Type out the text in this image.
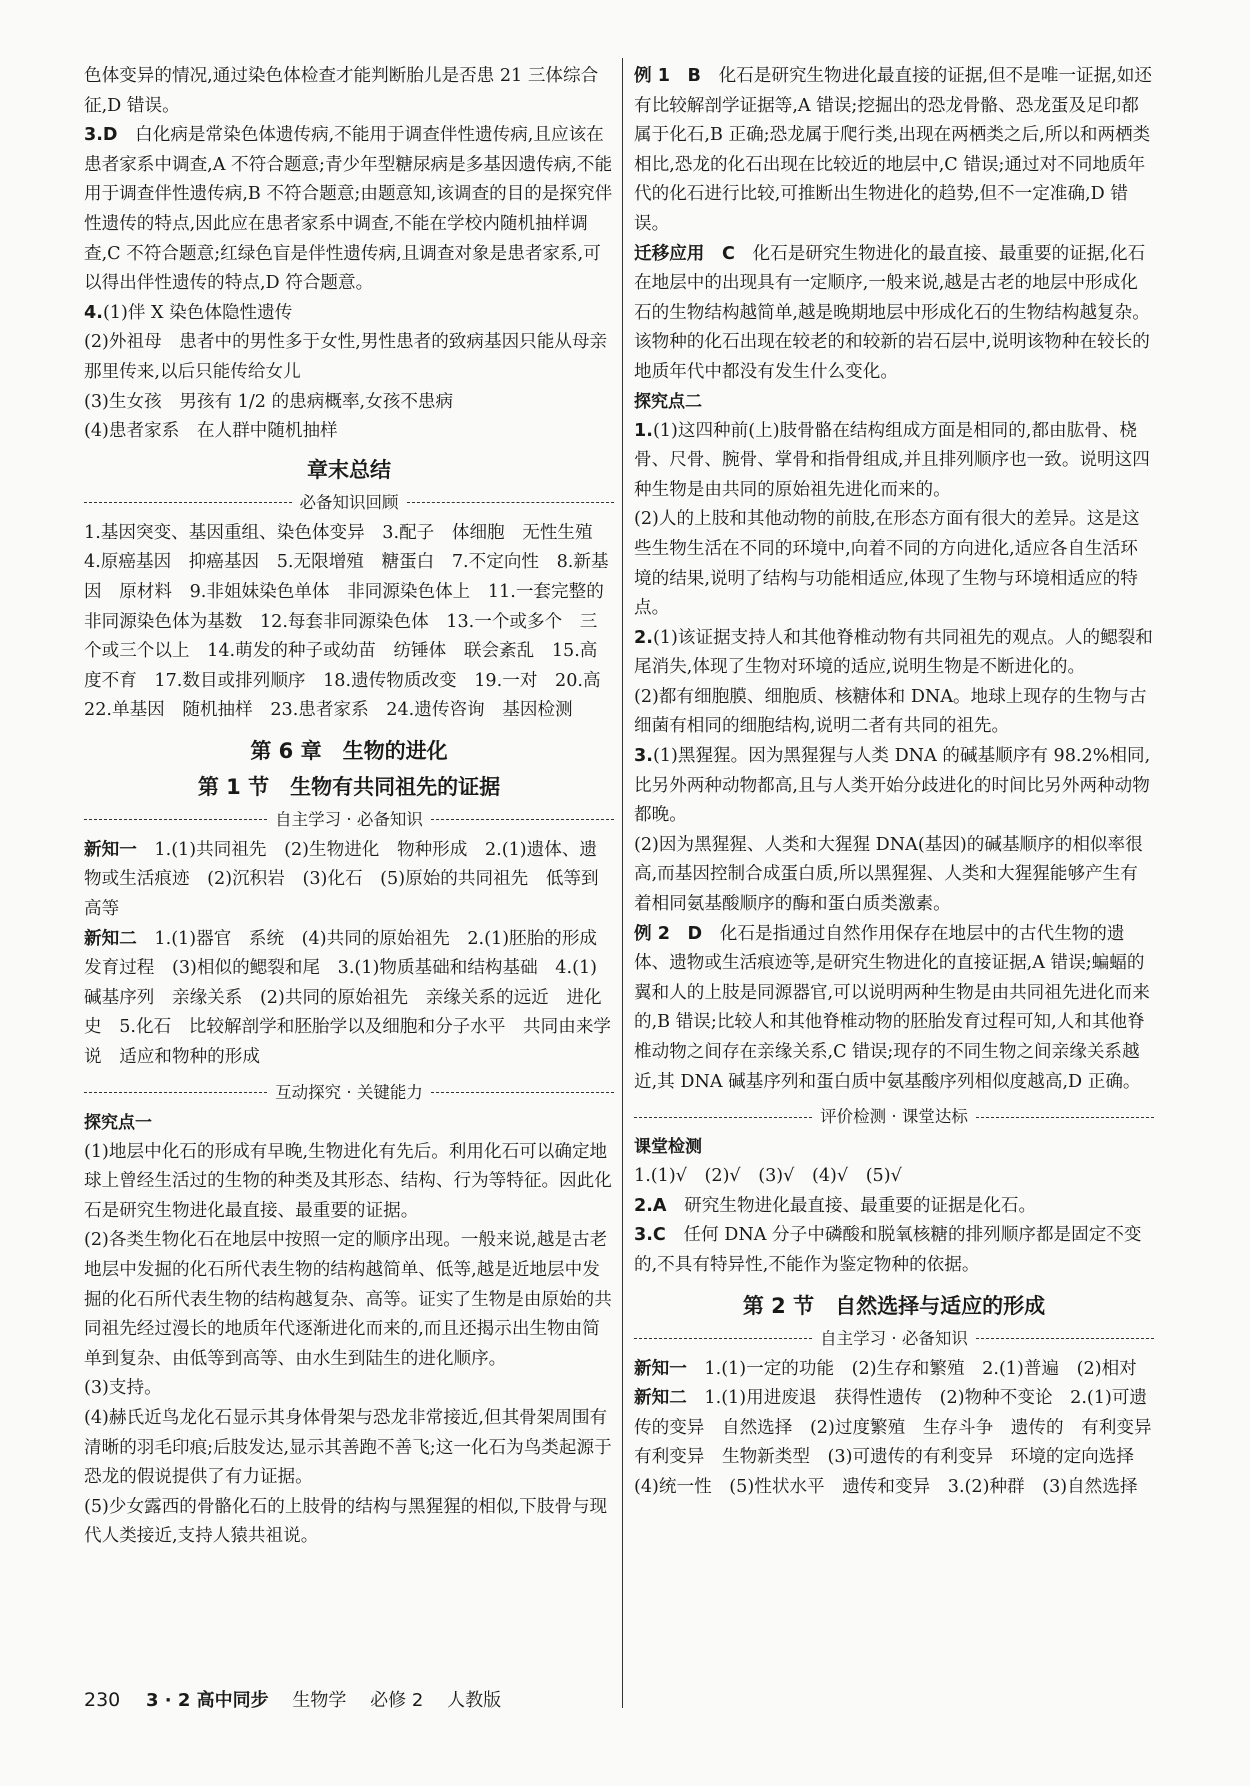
色体变异的情况,通过染色体检查才能判断胎儿是否患 21 三体综合征,D 错误。

3.D　 白化病是常染色体遗传病,不能用于调查伴性遗传病,且应该在患者家系中调查,A 不符合题意;青少年型糖尿病是多基因遗传病,不能用于调查伴性遗传病,B 不符合题意;由题意知,该调查的目的是探究伴性遗传的特点,因此应在患者家系中调查,不能在学校内随机抽样调查,C 不符合题意;红绿色盲是伴性遗传病,且调查对象是患者家系,可以得出伴性遗传的特点,D 符合题意。

4.(1)伴 X 染色体隐性遗传

(2)外祖母　患者中的男性多于女性,男性患者的致病基因只能从母亲那里传来,以后只能传给女儿

(3)生女孩　男孩有 1/2 的患病概率,女孩不患病

(4)患者家系　在人群中随机抽样

章末总结
必备知识回顾

1.基因突变、基因重组、染色体变异　3.配子　体细胞　无性生殖　4.原癌基因　抑癌基因　5.无限增殖　糖蛋白　7.不定向性　8.新基因　原材料　9.非姐妹染色单体　非同源染色体上　11.一套完整的非同源染色体为基数　12.每套非同源染色体　13.一个或多个　三个或三个以上　14.萌发的种子或幼苗　纺锤体　联会紊乱　15.高度不育　17.数目或排列顺序　18.遗传物质改变　19.一对　20.高　22.单基因　随机抽样　23.患者家系　24.遗传咨询　基因检测

第 6 章　生物的进化
第 1 节　生物有共同祖先的证据
自主学习 · 必备知识

新知一　 1.(1)共同祖先　(2)生物进化　物种形成　2.(1)遗体、遗物或生活痕迹　(2)沉积岩　(3)化石　(5)原始的共同祖先　低等到高等

新知二　 1.(1)器官　系统　(4)共同的原始祖先　2.(1)胚胎的形成　发育过程　(3)相似的鳃裂和尾　3.(1)物质基础和结构基础　4.(1)碱基序列　亲缘关系　(2)共同的原始祖先　亲缘关系的远近　进化史　5.化石　比较解剖学和胚胎学以及细胞和分子水平　共同由来学说　适应和物种的形成

互动探究 · 关键能力
探究点一

(1)地层中化石的形成有早晚,生物进化有先后。利用化石可以确定地球上曾经生活过的生物的种类及其形态、结构、行为等特征。因此化石是研究生物进化最直接、最重要的证据。

(2)各类生物化石在地层中按照一定的顺序出现。一般来说,越是古老地层中发掘的化石所代表生物的结构越简单、低等,越是近地层中发掘的化石所代表生物的结构越复杂、高等。证实了生物是由原始的共同祖先经过漫长的地质年代逐渐进化而来的,而且还揭示出生物由简单到复杂、由低等到高等、由水生到陆生的进化顺序。

(3)支持。

(4)赫氏近鸟龙化石显示其身体骨架与恐龙非常接近,但其骨架周围有清晰的羽毛印痕;后肢发达,显示其善跑不善飞;这一化石为鸟类起源于恐龙的假说提供了有力证据。

(5)少女露西的骨骼化石的上肢骨的结构与黑猩猩的相似,下肢骨与现代人类接近,支持人猿共祖说。

例 1　B　 化石是研究生物进化最直接的证据,但不是唯一证据,如还有比较解剖学证据等,A 错误;挖掘出的恐龙骨骼、恐龙蛋及足印都属于化石,B 正确;恐龙属于爬行类,出现在两栖类之后,所以和两栖类相比,恐龙的化石出现在比较近的地层中,C 错误;通过对不同地质年代的化石进行比较,可推断出生物进化的趋势,但不一定准确,D 错误。

迁移应用　C　 化石是研究生物进化的最直接、最重要的证据,化石在地层中的出现具有一定顺序,一般来说,越是古老的地层中形成化石的生物结构越简单,越是晚期地层中形成化石的生物结构越复杂。该物种的化石出现在较老的和较新的岩石层中,说明该物种在较长的地质年代中都没有发生什么变化。

探究点二

1.(1)这四种前(上)肢骨骼在结构组成方面是相同的,都由肱骨、桡骨、尺骨、腕骨、掌骨和指骨组成,并且排列顺序也一致。说明这四种生物是由共同的原始祖先进化而来的。

(2)人的上肢和其他动物的前肢,在形态方面有很大的差异。这是这些生物生活在不同的环境中,向着不同的方向进化,适应各自生活环境的结果,说明了结构与功能相适应,体现了生物与环境相适应的特点。

2.(1)该证据支持人和其他脊椎动物有共同祖先的观点。人的鳃裂和尾消失,体现了生物对环境的适应,说明生物是不断进化的。

(2)都有细胞膜、细胞质、核糖体和 DNA。地球上现存的生物与古细菌有相同的细胞结构,说明二者有共同的祖先。

3.(1)黑猩猩。因为黑猩猩与人类 DNA 的碱基顺序有 98.2%相同,比另外两种动物都高,且与人类开始分歧进化的时间比另外两种动物都晚。

(2)因为黑猩猩、人类和大猩猩 DNA(基因)的碱基顺序的相似率很高,而基因控制合成蛋白质,所以黑猩猩、人类和大猩猩能够产生有着相同氨基酸顺序的酶和蛋白质类激素。

例 2　D　 化石是指通过自然作用保存在地层中的古代生物的遗体、遗物或生活痕迹等,是研究生物进化的直接证据,A 错误;蝙蝠的翼和人的上肢是同源器官,可以说明两种生物是由共同祖先进化而来的,B 错误;比较人和其他脊椎动物的胚胎发育过程可知,人和其他脊椎动物之间存在亲缘关系,C 错误;现存的不同生物之间亲缘关系越近,其 DNA 碱基序列和蛋白质中氨基酸序列相似度越高,D 正确。

评价检测 · 课堂达标
课堂检测

1.(1)√　(2)√　(3)√　(4)√　(5)√

2.A　 研究生物进化最直接、最重要的证据是化石。

3.C　 任何 DNA 分子中磷酸和脱氧核糖的排列顺序都是固定不变的,不具有特异性,不能作为鉴定物种的依据。

第 2 节　自然选择与适应的形成
自主学习 · 必备知识

新知一　 1.(1)一定的功能　(2)生存和繁殖　2.(1)普遍　(2)相对

新知二　 1.(1)用进废退　获得性遗传　(2)物种不变论　2.(1)可遗传的变异　自然选择　(2)过度繁殖　生存斗争　遗传的　有利变异　有利变异　生物新类型　(3)可遗传的有利变异　环境的定向选择　(4)统一性　(5)性状水平　遗传和变异　3.(2)种群　(3)自然选择

230 3 · 2 高中同步 生物学 必修 2 人教版
